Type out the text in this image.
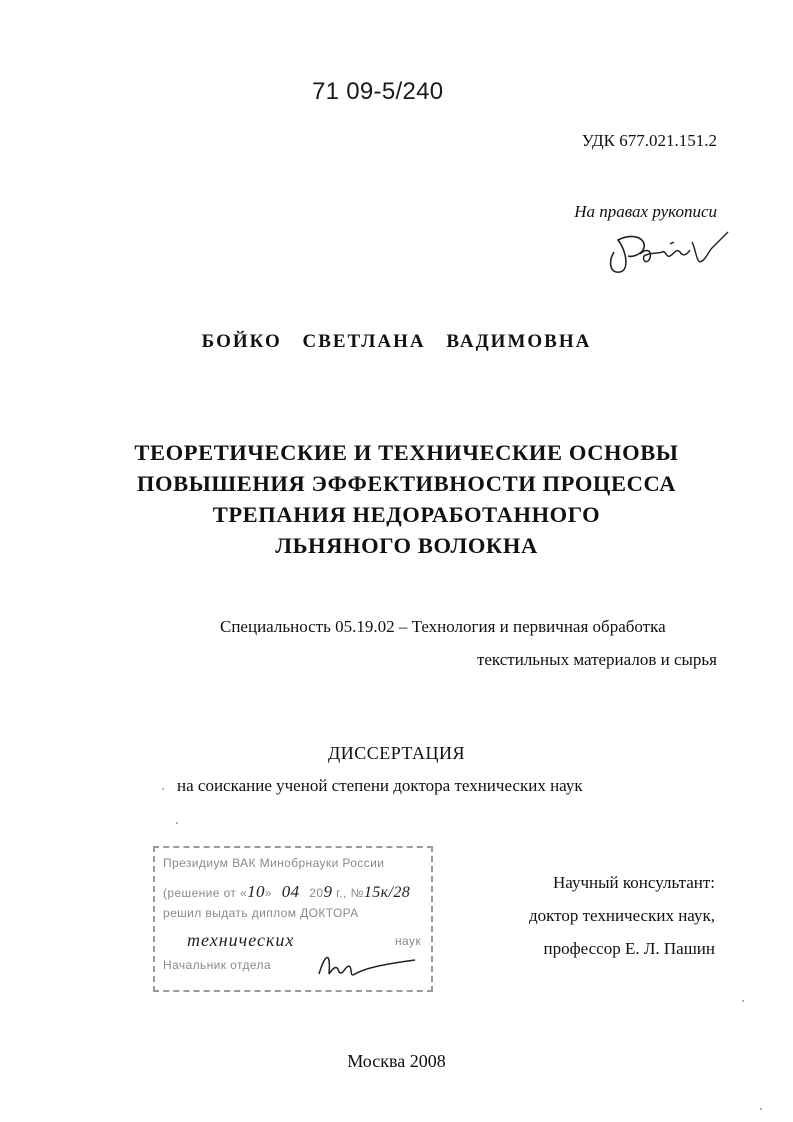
71 09-5/240
УДК 677.021.151.2
На правах рукописи
БОЙКО СВЕТЛАНА ВАДИМОВНА
ТЕОРЕТИЧЕСКИЕ И ТЕХНИЧЕСКИЕ ОСНОВЫ
ПОВЫШЕНИЯ ЭФФЕКТИВНОСТИ ПРОЦЕССА
ТРЕПАНИЯ НЕДОРАБОТАННОГО
ЛЬНЯНОГО ВОЛОКНА
Специальность 05.19.02 – Технология и первичная обработка
текстильных материалов и сырья
ДИССЕРТАЦИЯ
на соискание ученой степени доктора технических наук
Президиум ВАК Минобрнауки России
(решение от «10» 04 209 г., №15к/28
решил выдать диплом ДОКТОРА
технических	наук
Начальник отдела
Научный консультант:
доктор технических наук,
профессор Е. Л. Пашин
Москва 2008
